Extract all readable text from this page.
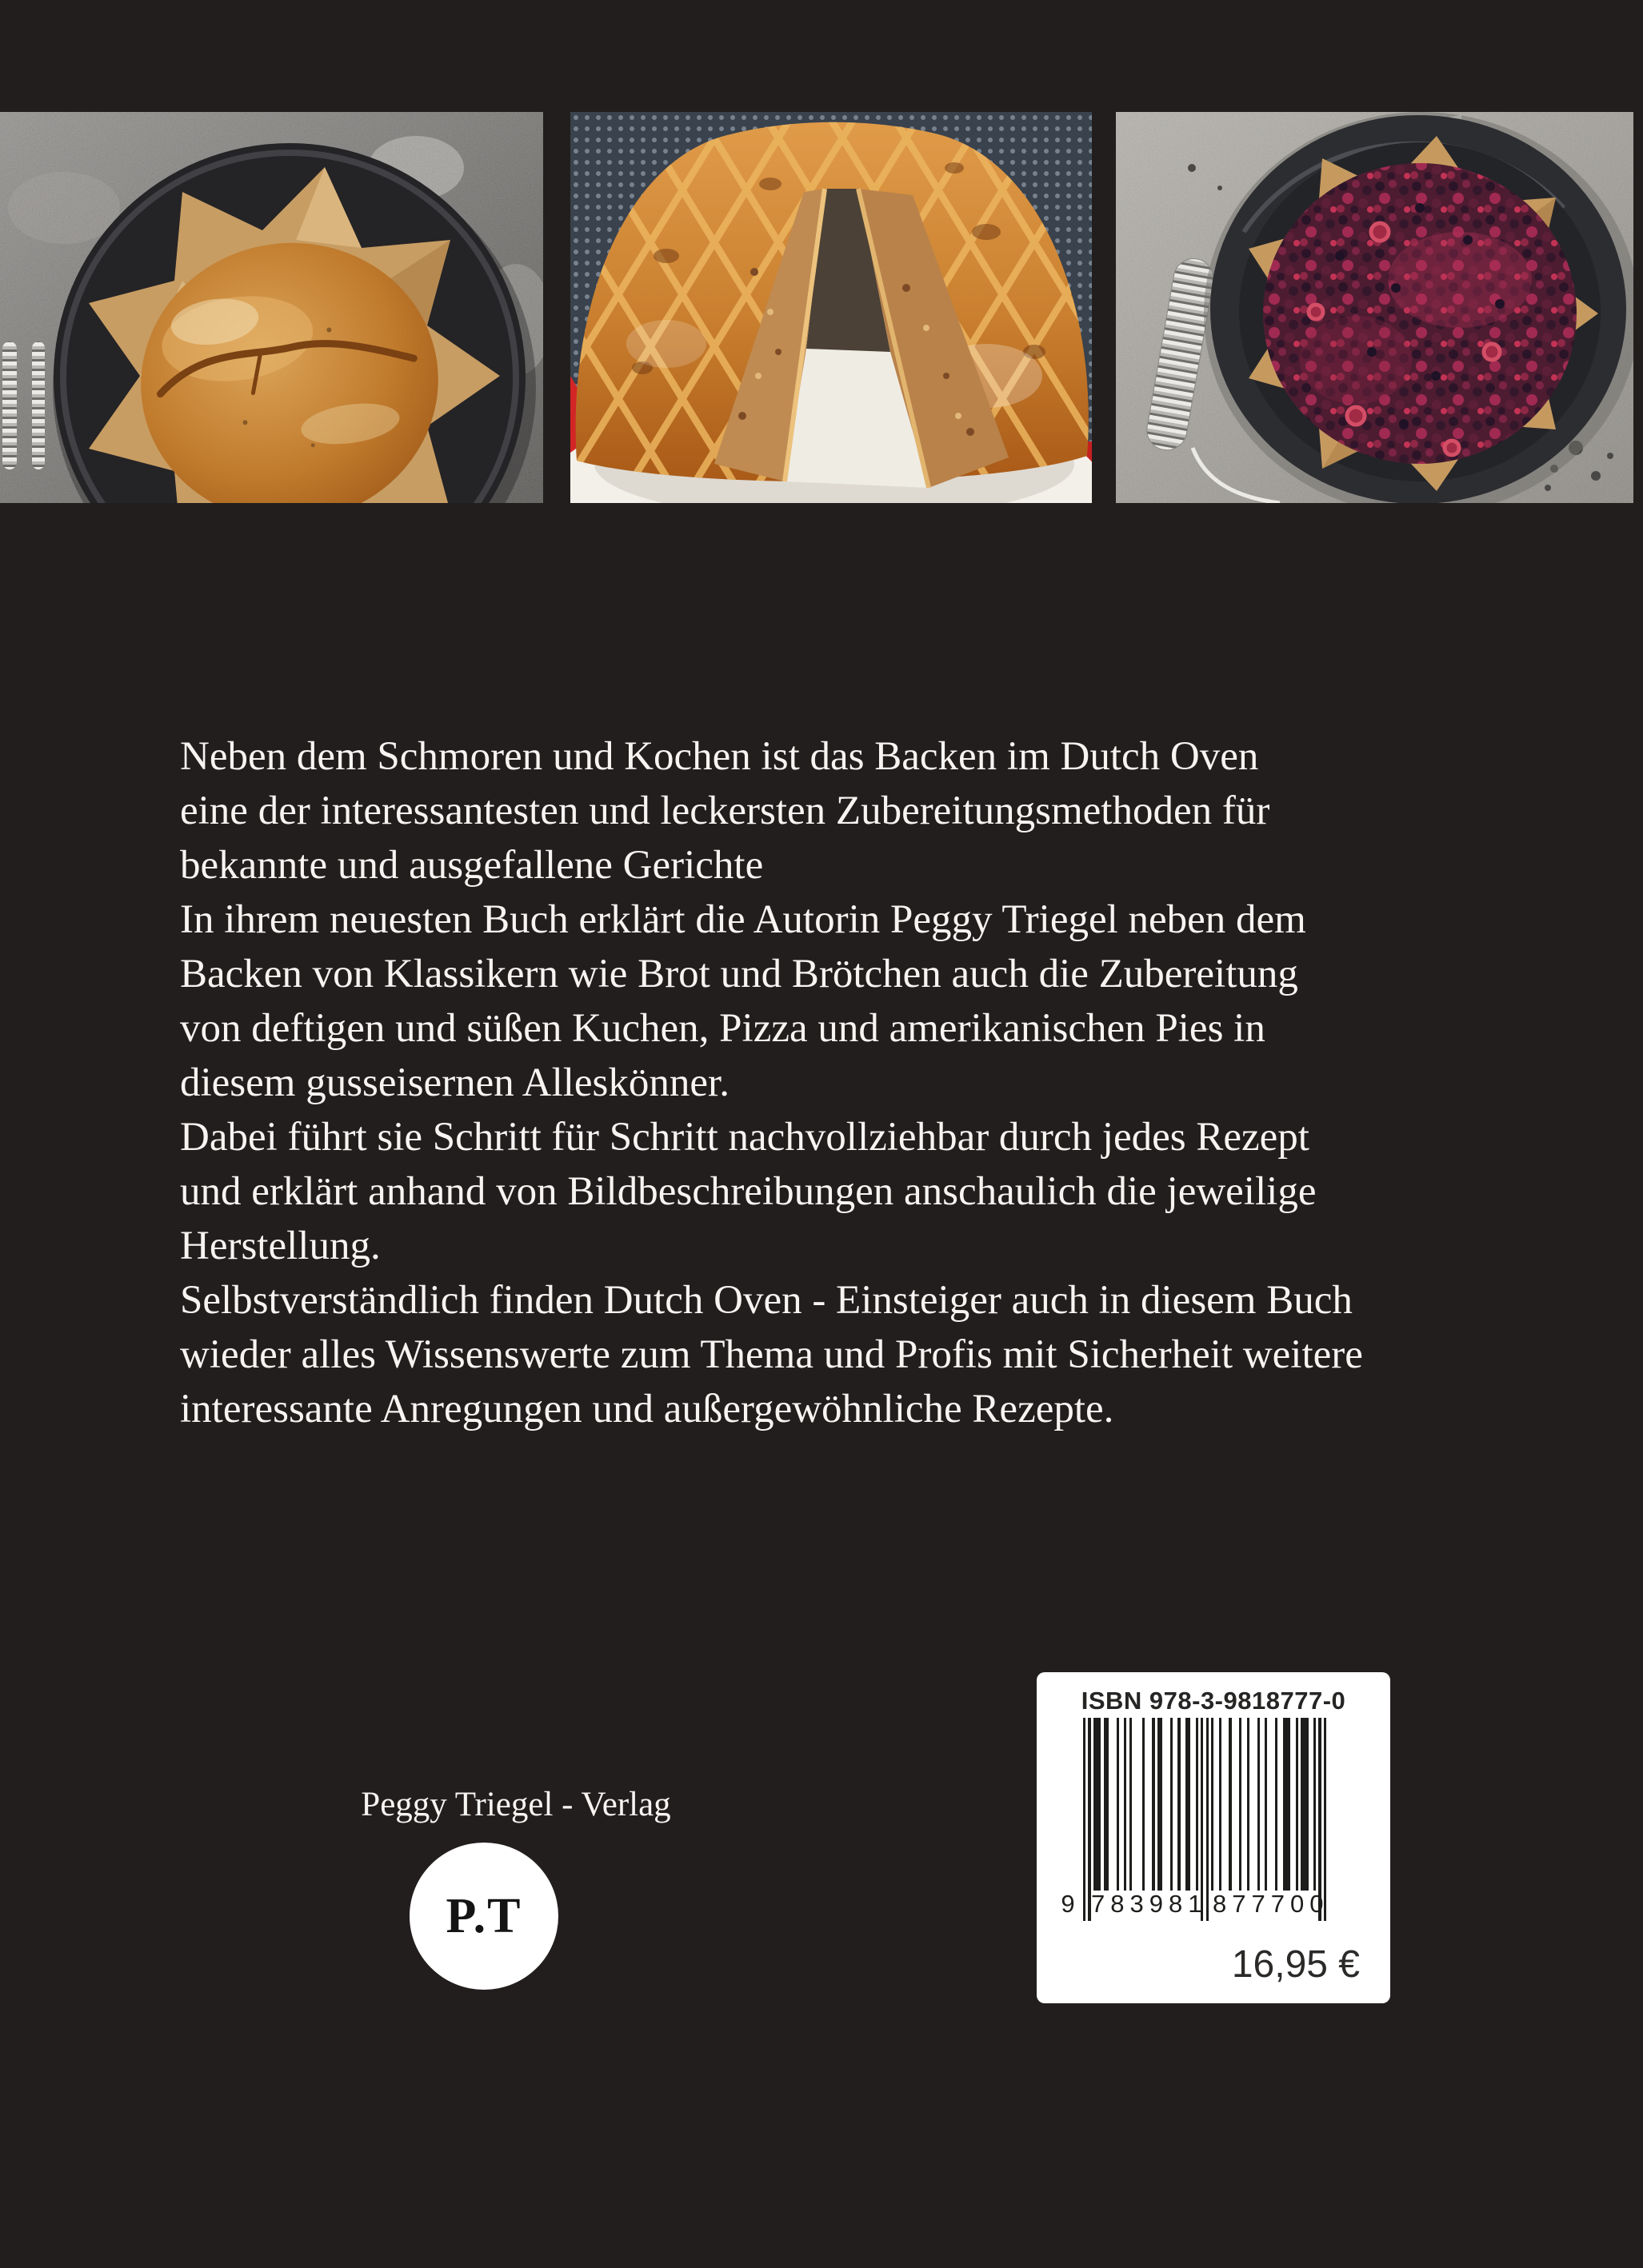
Neben dem Schmoren und Kochen ist das Backen im Dutch Oven
eine der interessantesten und leckersten Zubereitungsmethoden für
bekannte und ausgefallene Gerichte
In ihrem neuesten Buch erklärt die Autorin Peggy Triegel neben dem
Backen von Klassikern wie Brot und Brötchen auch die Zubereitung
von deftigen und süßen Kuchen, Pizza und amerikanischen Pies in
diesem gusseisernen Alleskönner.
Dabei führt sie Schritt für Schritt nachvollziehbar durch jedes Rezept
und erklärt anhand von Bildbeschreibungen anschaulich die jeweilige
Herstellung.
Selbstverständlich finden Dutch Oven - Einsteiger auch in diesem Buch
wieder alles Wissenswerte zum Thema und Profis mit Sicherheit weitere
interessante Anregungen und außergewöhnliche Rezepte.
Peggy Triegel - Verlag
P.T
ISBN 978-3-9818777-0
9 783981 877700
16,95 €
